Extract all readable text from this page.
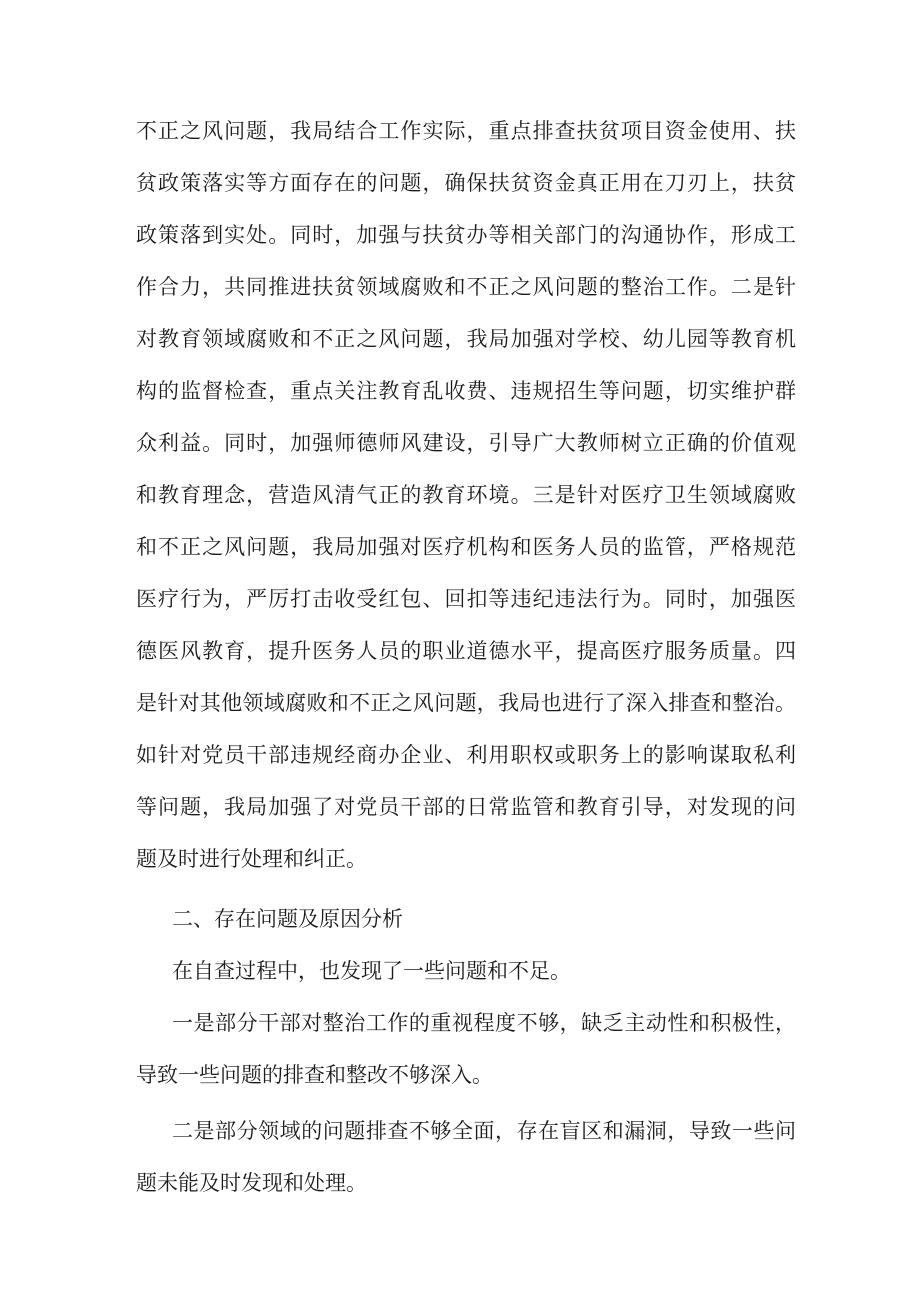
不正之风问题，我局结合工作实际，重点排查扶贫项目资金使用、扶
贫政策落实等方面存在的问题，确保扶贫资金真正用在刀刃上，扶贫
政策落到实处。同时，加强与扶贫办等相关部门的沟通协作，形成工
作合力，共同推进扶贫领域腐败和不正之风问题的整治工作。二是针
对教育领域腐败和不正之风问题，我局加强对学校、幼儿园等教育机
构的监督检查，重点关注教育乱收费、违规招生等问题，切实维护群
众利益。同时，加强师德师风建设，引导广大教师树立正确的价值观
和教育理念，营造风清气正的教育环境。三是针对医疗卫生领域腐败
和不正之风问题，我局加强对医疗机构和医务人员的监管，严格规范
医疗行为，严厉打击收受红包、回扣等违纪违法行为。同时，加强医
德医风教育，提升医务人员的职业道德水平，提高医疗服务质量。四
是针对其他领域腐败和不正之风问题，我局也进行了深入排查和整治。
如针对党员干部违规经商办企业、利用职权或职务上的影响谋取私利
等问题，我局加强了对党员干部的日常监管和教育引导，对发现的问
题及时进行处理和纠正。
二、存在问题及原因分析
在自查过程中，也发现了一些问题和不足。
一是部分干部对整治工作的重视程度不够，缺乏主动性和积极性，
导致一些问题的排查和整改不够深入。
二是部分领域的问题排查不够全面，存在盲区和漏洞，导致一些问
题未能及时发现和处理。
